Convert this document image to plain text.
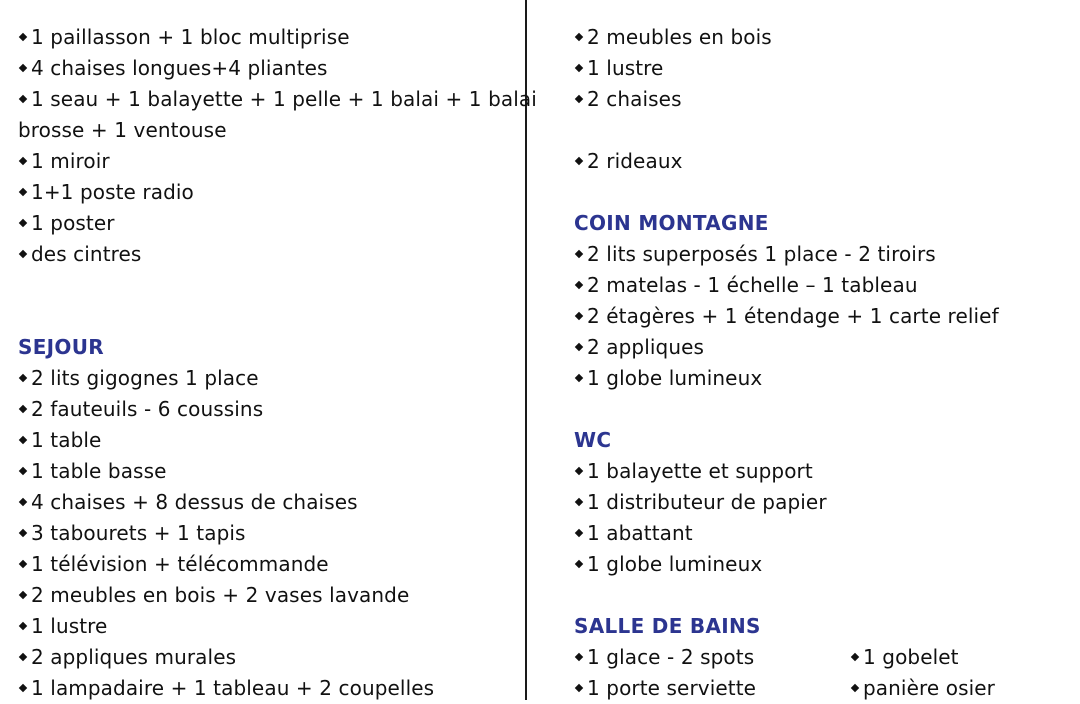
1 paillasson + 1 bloc multiprise
4 chaises longues+4 pliantes
1 seau + 1 balayette + 1 pelle + 1 balai + 1 balai
brosse + 1 ventouse
1 miroir
1+1 poste radio
1 poster
des cintres
SEJOUR
2 lits gigognes 1 place
2 fauteuils - 6 coussins
1 table
1 table basse
4 chaises + 8 dessus de chaises
3 tabourets + 1 tapis
1 télévision + télécommande
2 meubles en bois + 2 vases lavande
1 lustre
2 appliques murales
1 lampadaire + 1 tableau + 2 coupelles
2 meubles en bois
1 lustre
2 chaises
2 rideaux
COIN MONTAGNE
2 lits superposés 1 place - 2 tiroirs
2 matelas - 1 échelle – 1 tableau
2 étagères + 1 étendage + 1 carte relief
2 appliques
1 globe lumineux
WC
1 balayette et support
1 distributeur de papier
1 abattant
1 globe lumineux
SALLE DE BAINS
1 glace - 2 spots	1 gobelet
1 porte serviette	panière osier
